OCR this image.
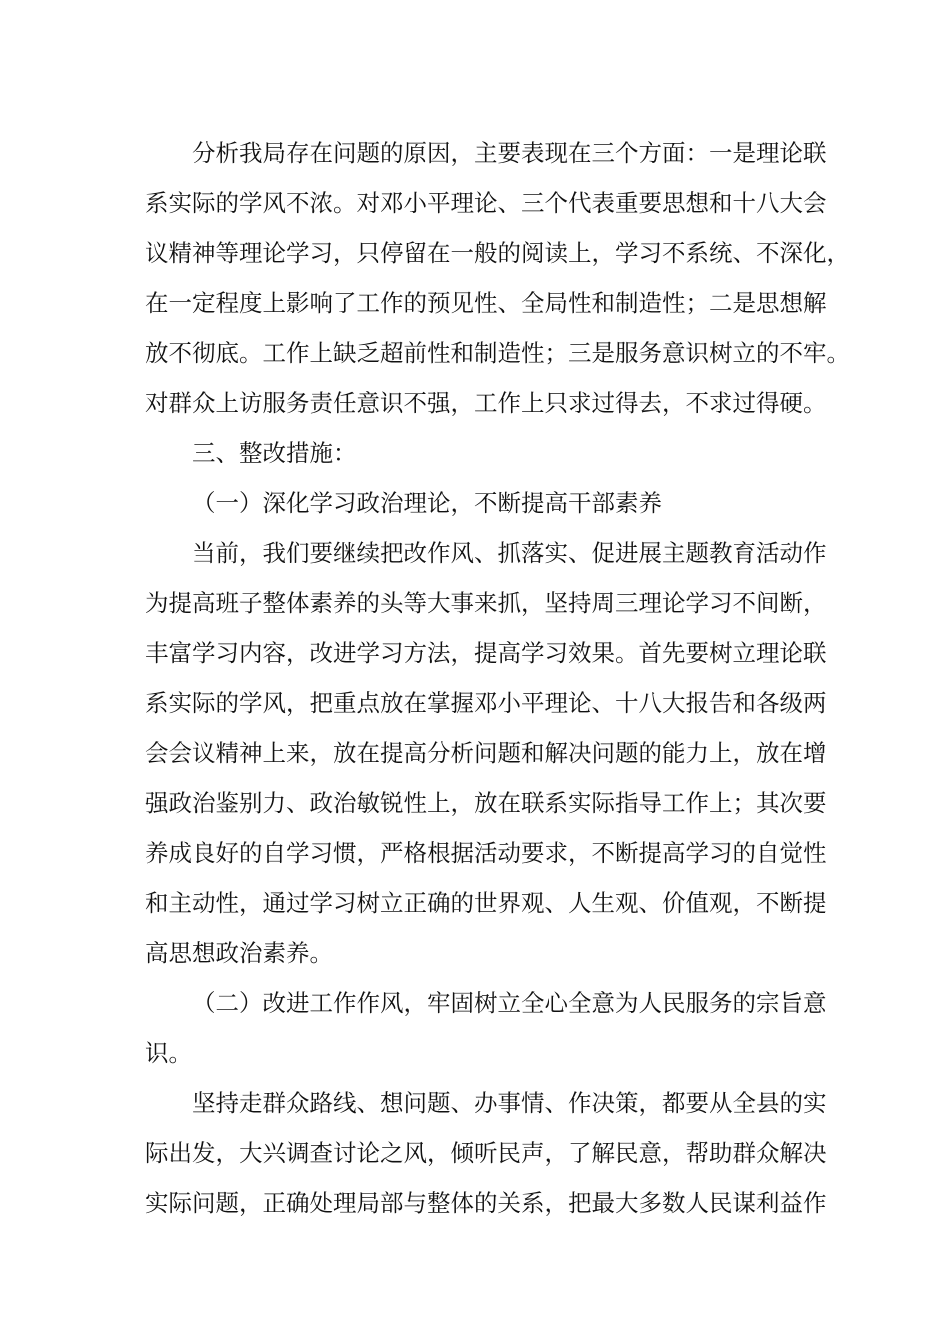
分析我局存在问题的原因，主要表现在三个方面：一是理论联
系实际的学风不浓。对邓小平理论、三个代表重要思想和十八大会
议精神等理论学习，只停留在一般的阅读上，学习不系统、不深化，
在一定程度上影响了工作的预见性、全局性和制造性；二是思想解
放不彻底。工作上缺乏超前性和制造性；三是服务意识树立的不牢。
对群众上访服务责任意识不强，工作上只求过得去，不求过得硬。
三、整改措施：
（一）深化学习政治理论，不断提高干部素养
当前，我们要继续把改作风、抓落实、促进展主题教育活动作
为提高班子整体素养的头等大事来抓，坚持周三理论学习不间断，
丰富学习内容，改进学习方法，提高学习效果。首先要树立理论联
系实际的学风，把重点放在掌握邓小平理论、十八大报告和各级两
会会议精神上来，放在提高分析问题和解决问题的能力上，放在增
强政治鉴别力、政治敏锐性上，放在联系实际指导工作上；其次要
养成良好的自学习惯，严格根据活动要求，不断提高学习的自觉性
和主动性，通过学习树立正确的世界观、人生观、价值观，不断提
高思想政治素养。
（二）改进工作作风，牢固树立全心全意为人民服务的宗旨意
识。
坚持走群众路线、想问题、办事情、作决策，都要从全县的实
际出发，大兴调查讨论之风，倾听民声，了解民意，帮助群众解决
实际问题，正确处理局部与整体的关系，把最大多数人民谋利益作
